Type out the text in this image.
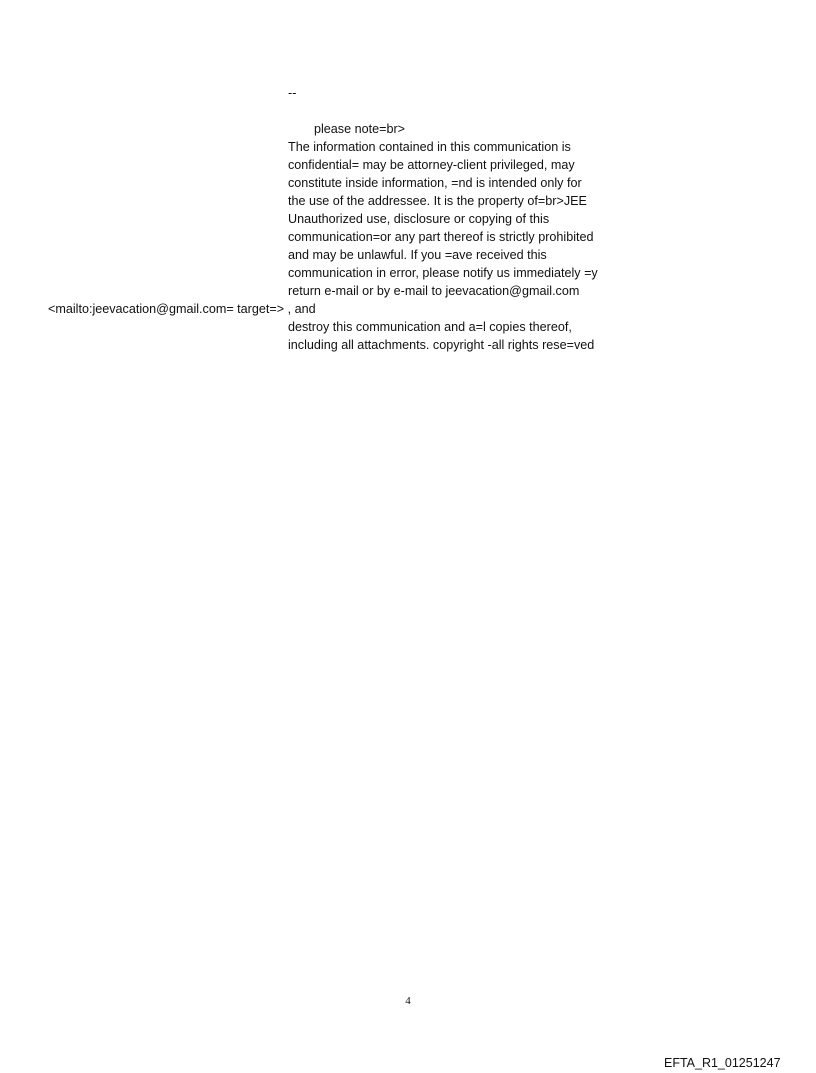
--
please note=br>
The information contained in this communication is
confidential= may be attorney-client privileged, may
constitute inside information, =nd is intended only for
the use of the addressee. It is the property of=br>JEE
Unauthorized use, disclosure or copying of this
communication=or any part thereof is strictly prohibited
and may be unlawful. If you =ave received this
communication in error, please notify us immediately =y
return e-mail or by e-mail to jeevacation@gmail.com
<mailto:jeevacation@gmail.com= target=> , and
destroy this communication and a=l copies thereof,
including all attachments. copyright -all rights rese=ved
4
EFTA_R1_01251247
